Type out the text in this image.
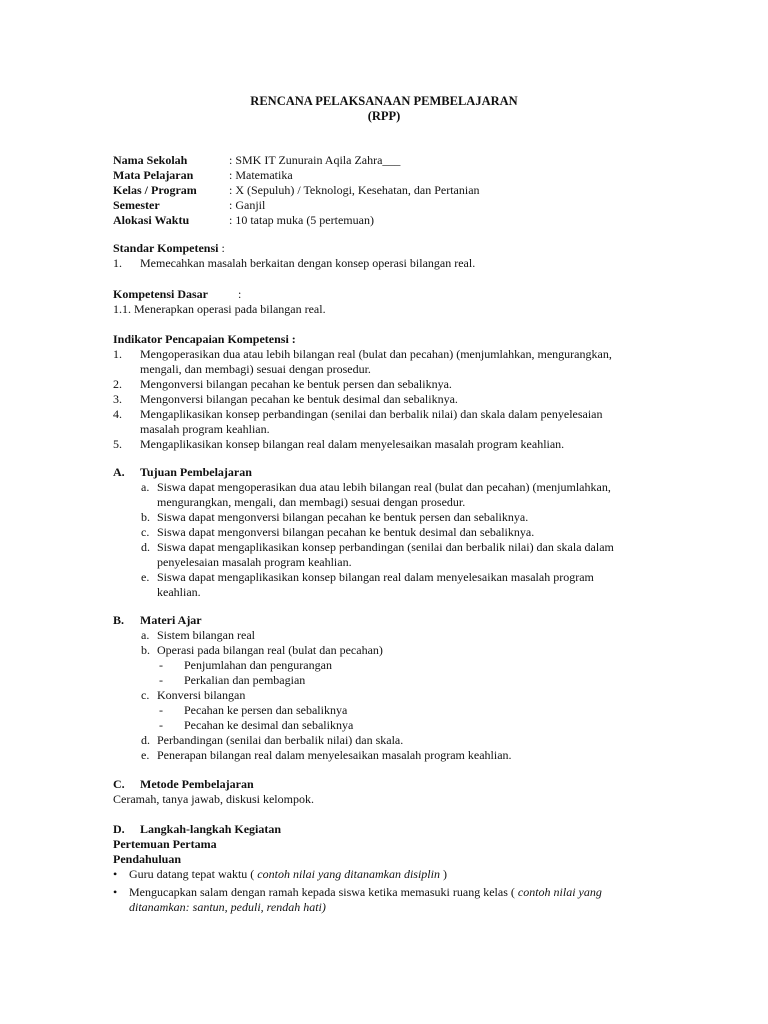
RENCANA PELAKSANAAN PEMBELAJARAN
(RPP)
Nama Sekolah	: SMK IT Zunurain Aqila Zahra___
Mata Pelajaran	: Matematika
Kelas / Program	: X (Sepuluh) / Teknologi, Kesehatan, dan Pertanian
Semester	: Ganjil
Alokasi Waktu	: 10 tatap muka (5 pertemuan)
Standar Kompetensi :
1. Memecahkan masalah berkaitan dengan konsep operasi bilangan real.
Kompetensi Dasar	:
1.1. Menerapkan operasi pada bilangan real.
Indikator Pencapaian Kompetensi :
1. Mengoperasikan dua atau lebih bilangan real (bulat dan pecahan) (menjumlahkan, mengurangkan,
mengali, dan membagi) sesuai dengan prosedur.
2. Mengonversi bilangan pecahan ke bentuk persen dan sebaliknya.
3. Mengonversi bilangan pecahan ke bentuk desimal dan sebaliknya.
4. Mengaplikasikan konsep perbandingan (senilai dan berbalik nilai) dan skala dalam penyelesaian
masalah program keahlian.
5. Mengaplikasikan konsep bilangan real dalam menyelesaikan masalah program keahlian.
A. Tujuan Pembelajaran
a. Siswa dapat mengoperasikan dua atau lebih bilangan real (bulat dan pecahan) (menjumlahkan,
mengurangkan, mengali, dan membagi) sesuai dengan prosedur.
b. Siswa dapat mengonversi bilangan pecahan ke bentuk persen dan sebaliknya.
c. Siswa dapat mengonversi bilangan pecahan ke bentuk desimal dan sebaliknya.
d. Siswa dapat mengaplikasikan konsep perbandingan (senilai dan berbalik nilai) dan skala dalam
penyelesaian masalah program keahlian.
e. Siswa dapat mengaplikasikan konsep bilangan real dalam menyelesaikan masalah program
keahlian.
B. Materi Ajar
a. Sistem bilangan real
b. Operasi pada bilangan real (bulat dan pecahan)
- Penjumlahan dan pengurangan
- Perkalian dan pembagian
c. Konversi bilangan
- Pecahan ke persen dan sebaliknya
- Pecahan ke desimal dan sebaliknya
d. Perbandingan (senilai dan berbalik nilai) dan skala.
e. Penerapan bilangan real dalam menyelesaikan masalah program keahlian.
C. Metode Pembelajaran
Ceramah, tanya jawab, diskusi kelompok.
D. Langkah-langkah Kegiatan
Pertemuan Pertama
Pendahuluan
• Guru datang tepat waktu ( contoh nilai yang ditanamkan disiplin )
• Mengucapkan salam dengan ramah kepada siswa ketika memasuki ruang kelas ( contoh nilai yang
ditanamkan: santun, peduli, rendah hati)
